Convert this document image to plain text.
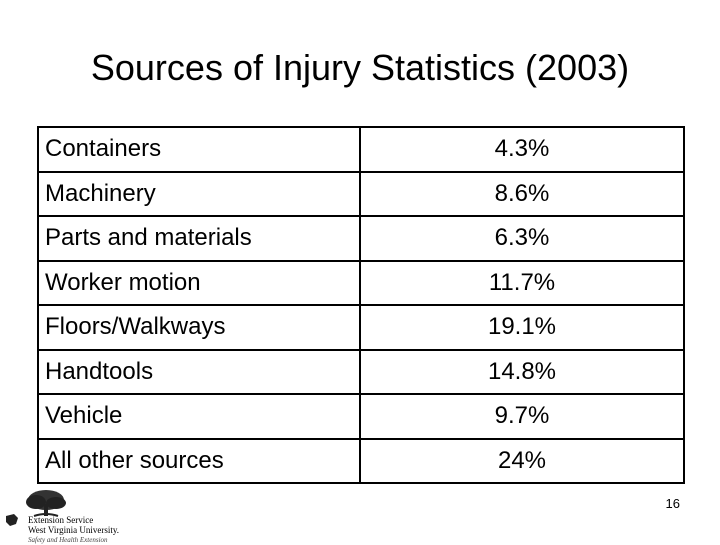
Sources of Injury Statistics (2003)
Containers	4.3%
Machinery	8.6%
Parts and materials	6.3%
Worker motion	11.7%
Floors/Walkways	19.1%
Handtools	14.8%
Vehicle	9.7%
All other sources	24%
Extension Service
West Virginia University.
Safety and Health Extension
16
